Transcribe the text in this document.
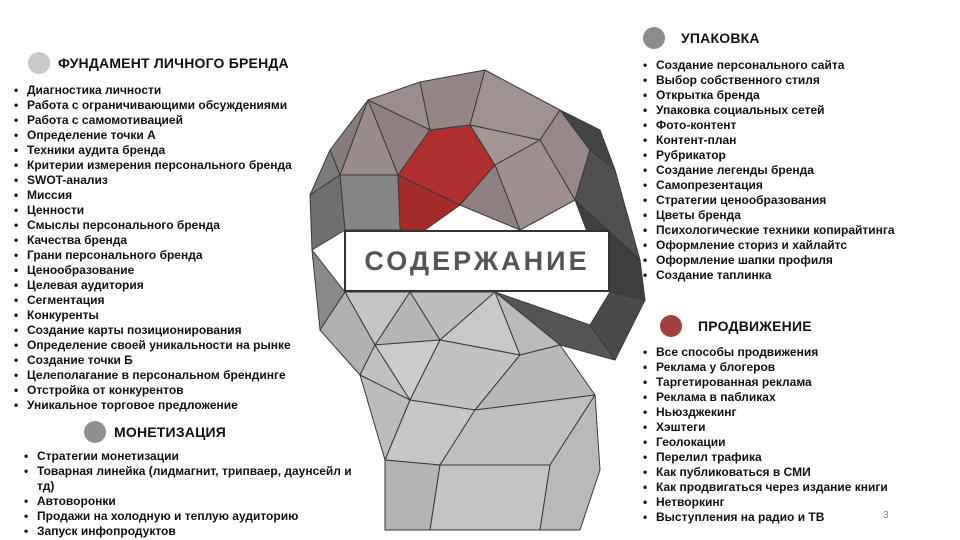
СОДЕРЖАНИЕ
ФУНДАМЕНТ ЛИЧНОГО БРЕНДА
• Диагностика личности
• Работа с ограничивающими обсуждениями
• Работа с самомотивацией
• Определение точки А
• Техники аудита бренда
• Критерии измерения персонального бренда
• SWOT-анализ
• Миссия
• Ценности
• Смыслы персонального бренда
• Качества бренда
• Грани персонального бренда
• Ценообразование
• Целевая аудитория
• Сегментация
• Конкуренты
• Создание карты позиционирования
• Определение своей уникальности на рынке
• Создание точки Б
• Целеполагание в персональном брендинге
• Отстройка от конкурентов
• Уникальное торговое предложение
МОНЕТИЗАЦИЯ
• Стратегии монетизации
• Товарная линейка (лидмагнит, трипваер, даунсейл и тд)
• Автоворонки
• Продажи на холодную и теплую аудиторию
• Запуск инфопродуктов
УПАКОВКА
• Создание персонального сайта
• Выбор собственного стиля
• Открытка бренда
• Упаковка социальных сетей
• Фото-контент
• Контент-план
• Рубрикатор
• Создание легенды бренда
• Самопрезентация
• Стратегии ценообразования
• Цветы бренда
• Психологические техники копирайтинга
• Оформление сториз и хайлайтс
• Оформление шапки профиля
• Создание таплинка
ПРОДВИЖЕНИЕ
• Все способы продвижения
• Реклама у блогеров
• Таргетированная реклама
• Реклама в пабликах
• Ньюзджекинг
• Хэштеги
• Геолокации
• Перелил трафика
• Как публиковаться в СМИ
• Как продвигаться через издание книги
• Нетворкинг
• Выступления на радио и ТВ	3
